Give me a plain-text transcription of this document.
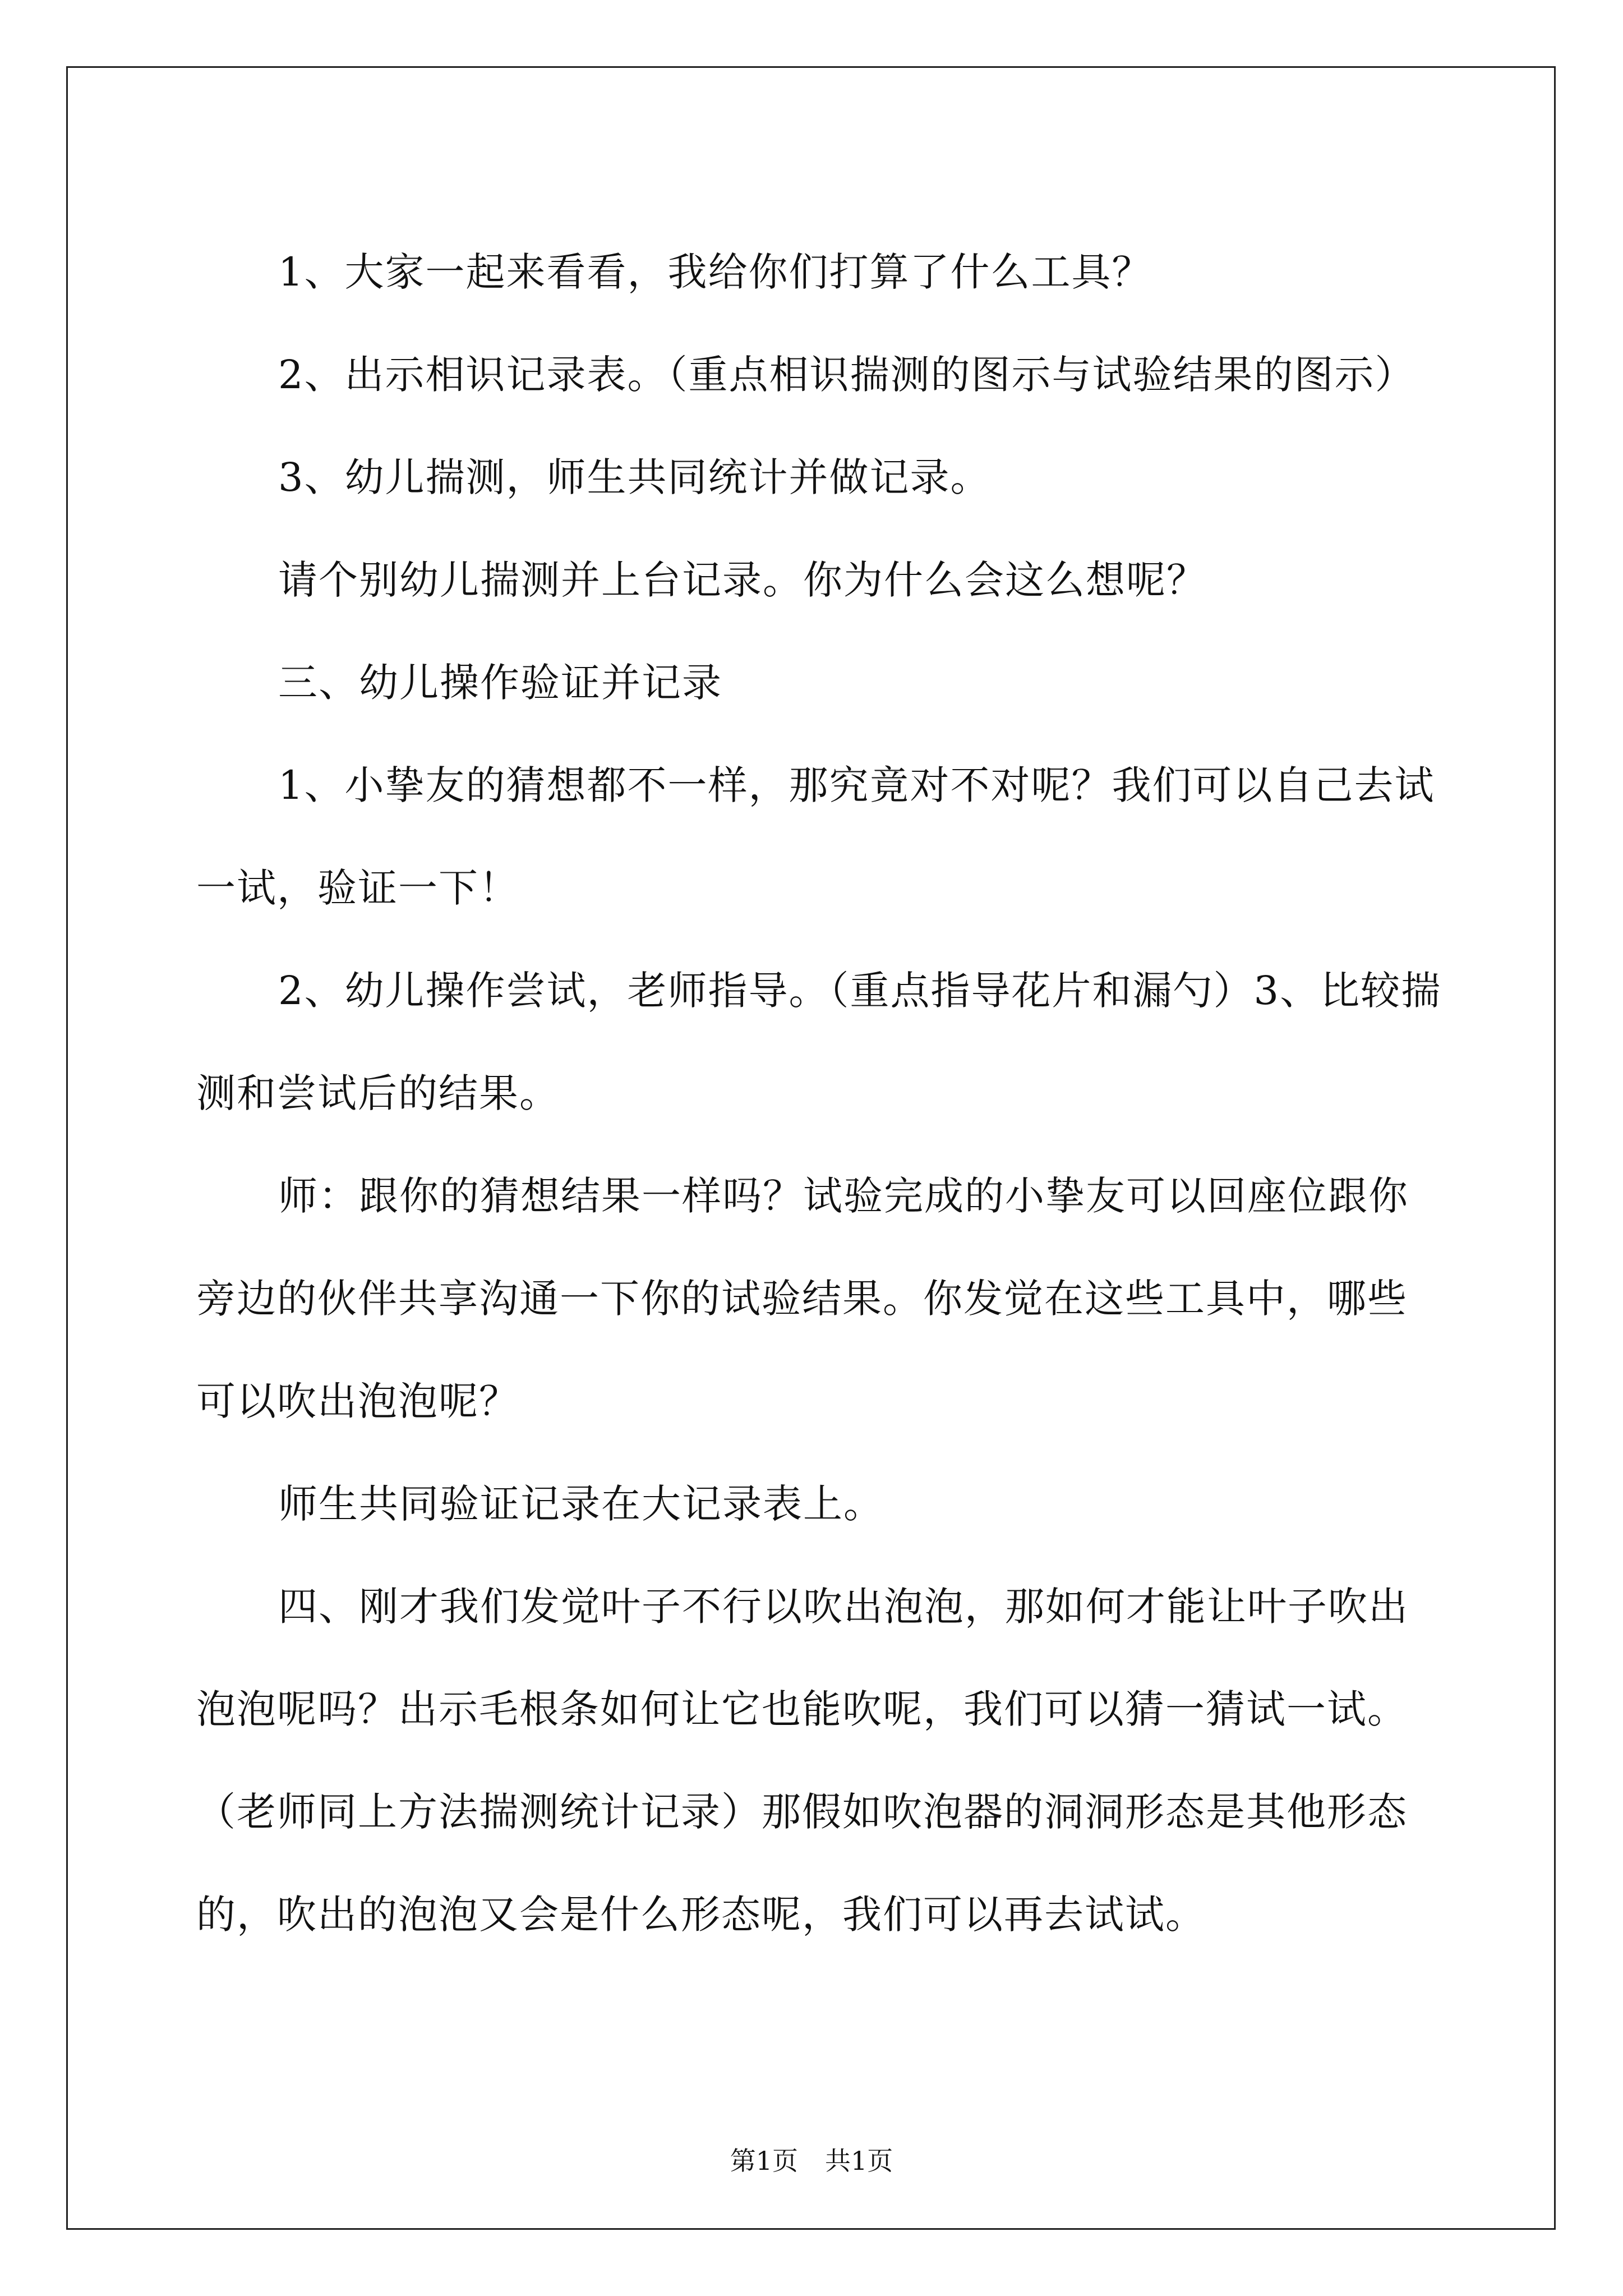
1、大家一起来看看，我给你们打算了什么工具？

2、出示相识记录表。（重点相识揣测的图示与试验结果的图示）

3、幼儿揣测，师生共同统计并做记录。

请个别幼儿揣测并上台记录。你为什么会这么想呢？

三、幼儿操作验证并记录

1、小挚友的猜想都不一样，那究竟对不对呢？我们可以自己去试

一试，验证一下！

2、幼儿操作尝试，老师指导。（重点指导花片和漏勺）3、比较揣

测和尝试后的结果。

师：跟你的猜想结果一样吗？试验完成的小挚友可以回座位跟你

旁边的伙伴共享沟通一下你的试验结果。你发觉在这些工具中，哪些

可以吹出泡泡呢？

师生共同验证记录在大记录表上。

四、刚才我们发觉叶子不行以吹出泡泡，那如何才能让叶子吹出

泡泡呢吗？出示毛根条如何让它也能吹呢，我们可以猜一猜试一试。

（老师同上方法揣测统计记录）那假如吹泡器的洞洞形态是其他形态

的，吹出的泡泡又会是什么形态呢，我们可以再去试试。

第1页 共1页
